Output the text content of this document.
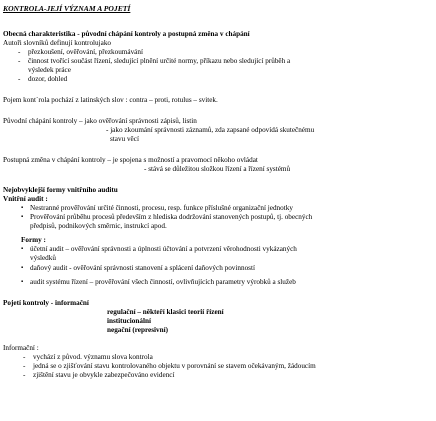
KONTROLA-JEJÍ VÝZNAM A POJETÍ
Obecná charakteristika - původní chápání kontroly a postupná změna v chápání
Autoři slovníků definují kontrolujako
- přezkoušení, ověřování, přezkoumávání
- činnost tvořící součást řízení, sledující plnění určité normy, příkazu nebo sledující průběh a
výsledek práce
- dozor, dohled
Pojem kont`rola pochází z latinských slov : contra – proti, rotulus – svitek.
Původní chápání kontroly – jako ověřování správnosti zápisů, listin
- jako zkoumání správnosti záznamů, zda zapsané odpovídá skutečnému
stavu věcí
Postupná změna v chápání kontroly – je spojena s možností a pravomocí někoho ovládat
- stává se důležitou složkou řízení a řízení systémů
Nejobvyklejší formy vnitřního auditu
Vnitřní audit :
▪ Nestranné prověřování určité činnosti, procesu, resp. funkce příslušné organizační jednotky
▪ Prověřování průběhu procesů především z hlediska dodržování stanovených postupů, tj. obecných
předpisů, podnikových směrnic, instrukcí apod.
Formy :
▪ účetní audit – ověřování správnosti a úplnosti účtování a potvrzení věrohodnosti vykázaných
výsledků
▪ daňový audit - ověřování správnosti stanovení a splácení daňových povinností
▪ audit systému řízení – prověřování všech činností, ovlivňujících parametry výrobků a služeb
Pojetí kontroly - informační
regulační – někteří klasici teorií řízení
institucionální
negační (represivní)
Informační :
- vychází z původ. významu slova kontrola
- jedná se o zjišťování stavu kontrolovaného objektu v porovnání se stavem očekávaným, žádoucím
- zjištění stavu je obvykle zabezpečováno evidencí
